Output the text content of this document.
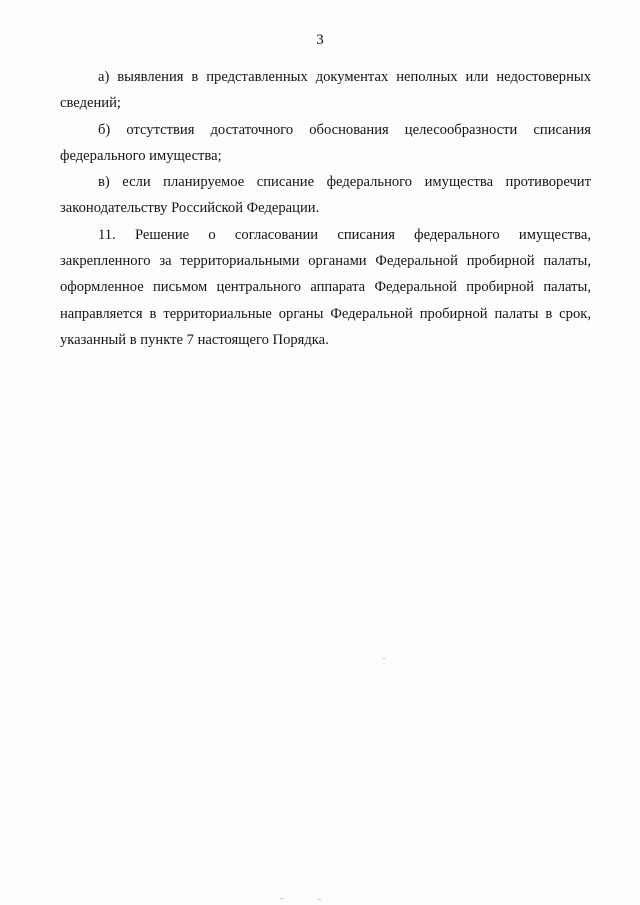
3

а) выявления в представленных документах неполных или недостоверных сведений;

б) отсутствия достаточного обоснования целесообразности списания федерального имущества;

в) если планируемое списание федерального имущества противоречит законодательству Российской Федерации.

11. Решение о согласовании списания федерального имущества, закрепленного за территориальными органами Федеральной пробирной палаты, оформленное письмом центрального аппарата Федеральной пробирной палаты, направляется в территориальные органы Федеральной пробирной палаты в срок, указанный в пункте 7 настоящего Порядка.
